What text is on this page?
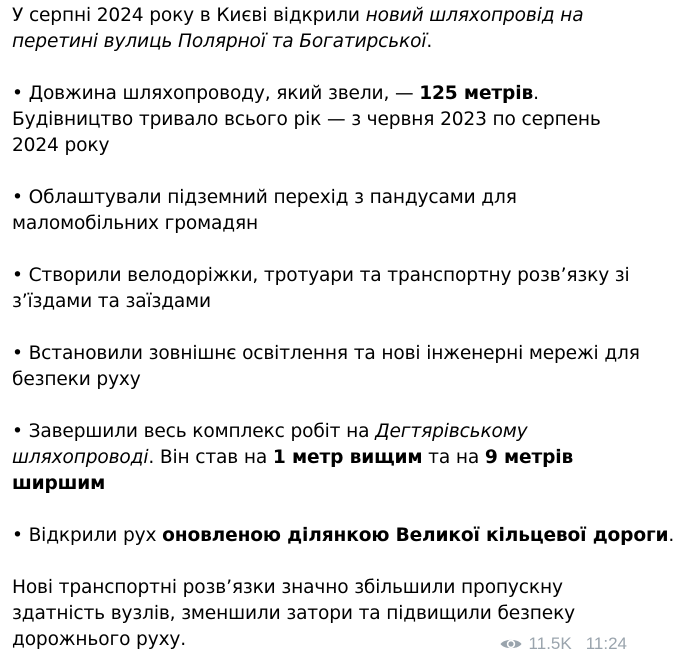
У серпні 2024 року в Києві відкрили новий шляхопровід на
перетині вулиць Полярної та Богатирської.
• Довжина шляхопроводу, який звели, — 125 метрів.
Будівництво тривало всього рік — з червня 2023 по серпень
2024 року
• Облаштували підземний перехід з пандусами для
маломобільних громадян
• Створили велодоріжки, тротуари та транспортну розв’язку зі
з’їздами та заїздами
• Встановили зовнішнє освітлення та нові інженерні мережі для
безпеки руху
• Завершили весь комплекс робіт на Дегтярівському
шляхопроводі. Він став на 1 метр вищим та на 9 метрів
ширшим
• Відкрили рух оновленою ділянкою Великої кільцевої дороги.
Нові транспортні розв’язки значно збільшили пропускну
здатність вузлів, зменшили затори та підвищили безпеку
дорожнього руху.	11.5K 11:24
